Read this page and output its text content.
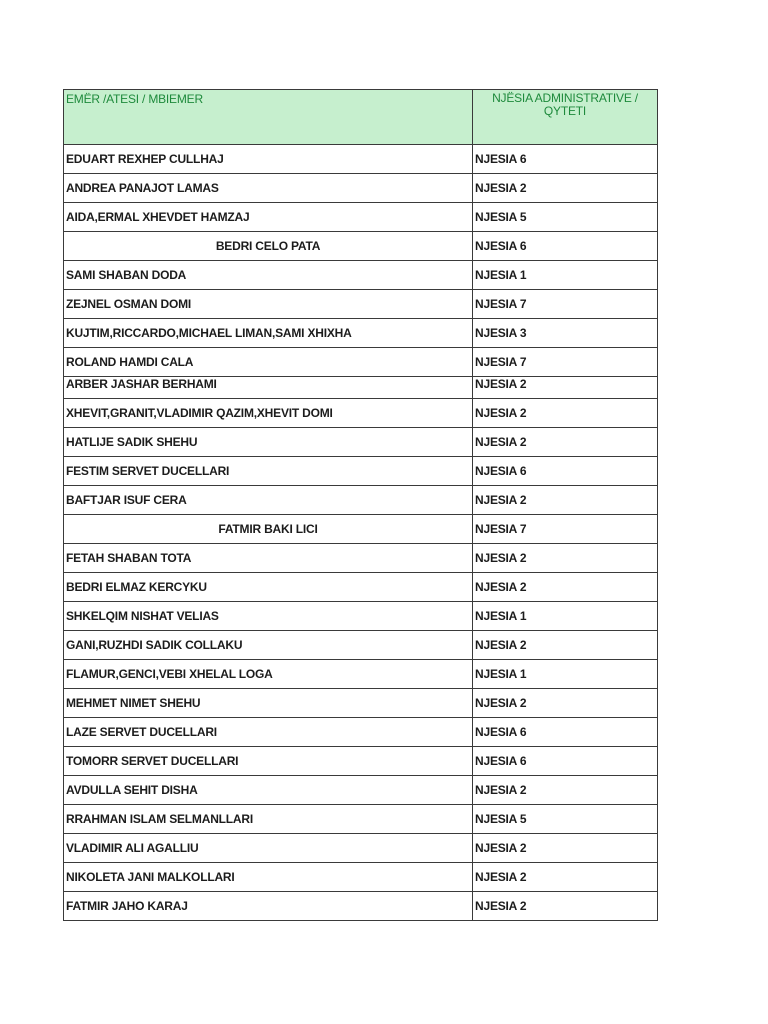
EMËR /ATESI / MBIEMER	NJËSIA ADMINISTRATIVE / QYTETI
EDUART REXHEP CULLHAJ	NJESIA 6
ANDREA PANAJOT LAMAS	NJESIA 2
AIDA,ERMAL XHEVDET HAMZAJ	NJESIA 5
BEDRI CELO PATA	NJESIA 6
SAMI SHABAN DODA	NJESIA 1
ZEJNEL OSMAN DOMI	NJESIA 7
KUJTIM,RICCARDO,MICHAEL LIMAN,SAMI XHIXHA	NJESIA 3
ROLAND HAMDI CALA	NJESIA 7
ARBER JASHAR BERHAMI	NJESIA 2
XHEVIT,GRANIT,VLADIMIR QAZIM,XHEVIT DOMI	NJESIA 2
HATLIJE SADIK SHEHU	NJESIA 2
FESTIM SERVET DUCELLARI	NJESIA 6
BAFTJAR ISUF CERA	NJESIA 2
FATMIR BAKI LICI	NJESIA 7
FETAH SHABAN TOTA	NJESIA 2
BEDRI ELMAZ KERCYKU	NJESIA 2
SHKELQIM NISHAT VELIAS	NJESIA 1
GANI,RUZHDI SADIK COLLAKU	NJESIA 2
FLAMUR,GENCI,VEBI XHELAL LOGA	NJESIA 1
MEHMET NIMET SHEHU	NJESIA 2
LAZE SERVET DUCELLARI	NJESIA 6
TOMORR SERVET DUCELLARI	NJESIA 6
AVDULLA SEHIT DISHA	NJESIA 2
RRAHMAN ISLAM SELMANLLARI	NJESIA 5
VLADIMIR ALI AGALLIU	NJESIA 2
NIKOLETA JANI MALKOLLARI	NJESIA 2
FATMIR JAHO KARAJ	NJESIA 2
